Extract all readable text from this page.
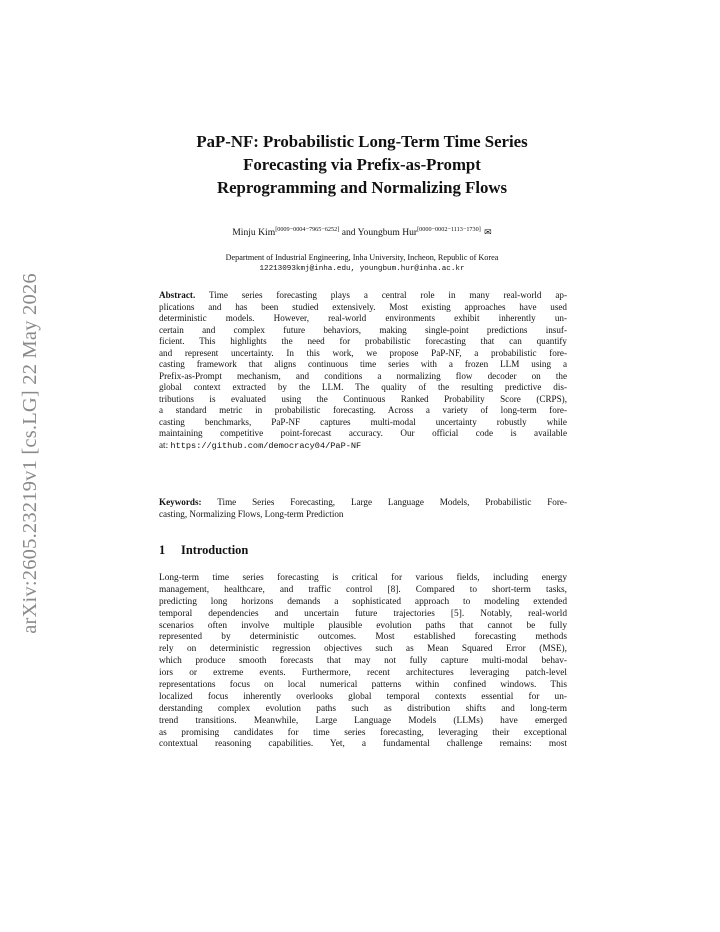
arXiv:2605.23219v1 [cs.LG] 22 May 2026
PaP-NF: Probabilistic Long-Term Time Series
Forecasting via Prefix-as-Prompt
Reprogramming and Normalizing Flows
Minju Kim[0009−0004−7965−6252] and Youngbum Hur[0000−0002−1113−1730] ✉
Department of Industrial Engineering, Inha University, Incheon, Republic of Korea
12213093kmj@inha.edu, youngbum.hur@inha.ac.kr
Abstract. Time series forecasting plays a central role in many real-world ap-
plications and has been studied extensively. Most existing approaches have used
deterministic models. However, real-world environments exhibit inherently un-
certain and complex future behaviors, making single-point predictions insuf-
ficient. This highlights the need for probabilistic forecasting that can quantify
and represent uncertainty. In this work, we propose PaP-NF, a probabilistic fore-
casting framework that aligns continuous time series with a frozen LLM using a
Prefix-as-Prompt mechanism, and conditions a normalizing flow decoder on the
global context extracted by the LLM. The quality of the resulting predictive dis-
tributions is evaluated using the Continuous Ranked Probability Score (CRPS),
a standard metric in probabilistic forecasting. Across a variety of long-term fore-
casting benchmarks, PaP-NF captures multi-modal uncertainty robustly while
maintaining competitive point-forecast accuracy. Our official code is available
at: https://github.com/democracy04/PaP-NF
Keywords: Time Series Forecasting, Large Language Models, Probabilistic Fore-
casting, Normalizing Flows, Long-term Prediction
1 Introduction
Long-term time series forecasting is critical for various fields, including energy
management, healthcare, and traffic control [8]. Compared to short-term tasks,
predicting long horizons demands a sophisticated approach to modeling extended
temporal dependencies and uncertain future trajectories [5]. Notably, real-world
scenarios often involve multiple plausible evolution paths that cannot be fully
represented by deterministic outcomes. Most established forecasting methods
rely on deterministic regression objectives such as Mean Squared Error (MSE),
which produce smooth forecasts that may not fully capture multi-modal behav-
iors or extreme events. Furthermore, recent architectures leveraging patch-level
representations focus on local numerical patterns within confined windows. This
localized focus inherently overlooks global temporal contexts essential for un-
derstanding complex evolution paths such as distribution shifts and long-term
trend transitions. Meanwhile, Large Language Models (LLMs) have emerged
as promising candidates for time series forecasting, leveraging their exceptional
contextual reasoning capabilities. Yet, a fundamental challenge remains: most
